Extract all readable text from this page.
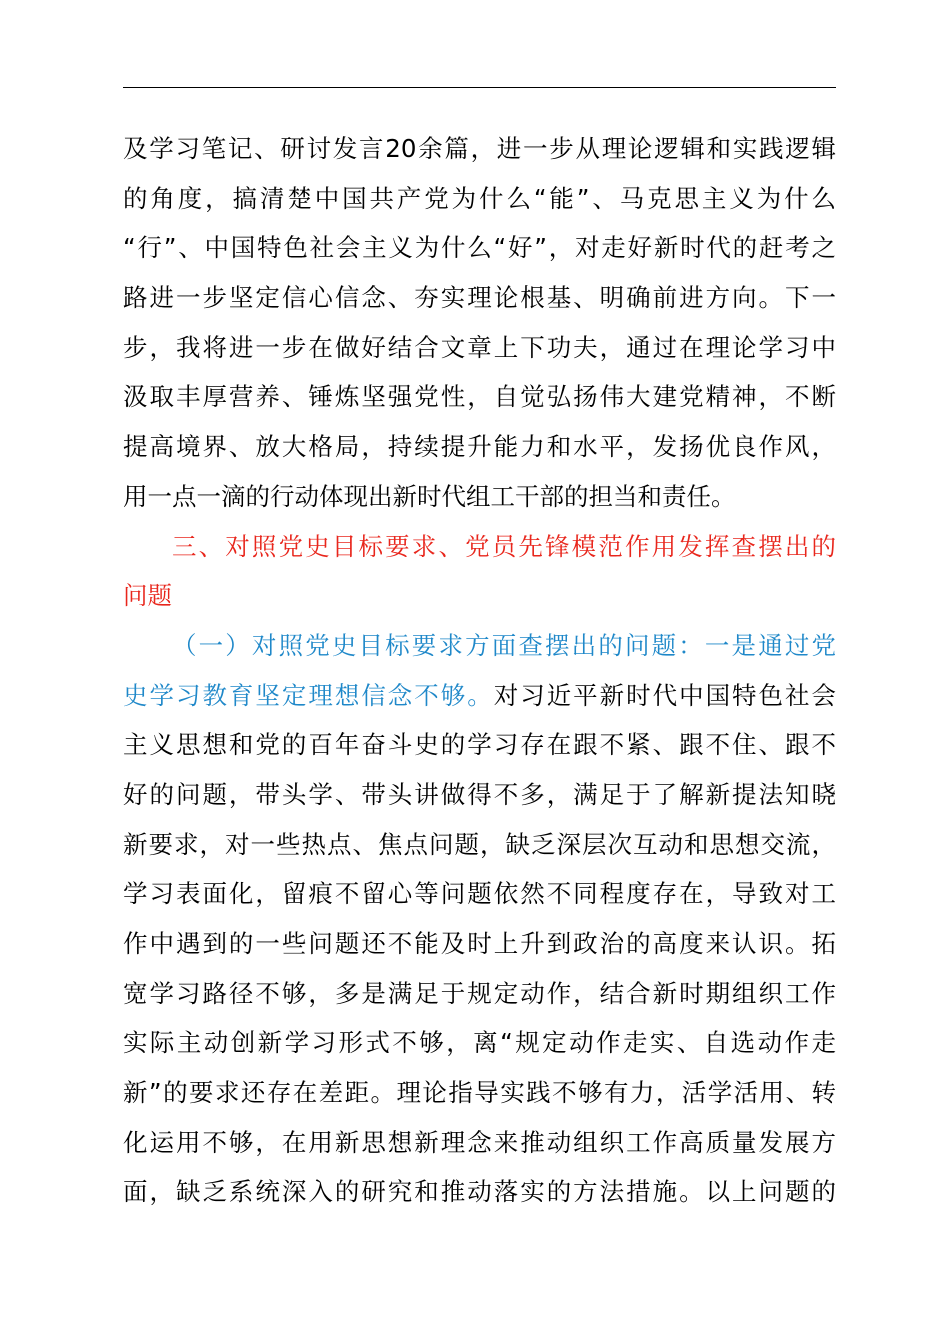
及学习笔记、研讨发言20余篇，进一步从理论逻辑和实践逻辑
的角度，搞清楚中国共产党为什么“能”、马克思主义为什么
“行”、中国特色社会主义为什么“好”，对走好新时代的赶考之
路进一步坚定信心信念、夯实理论根基、明确前进方向。下一
步，我将进一步在做好结合文章上下功夫，通过在理论学习中
汲取丰厚营养、锤炼坚强党性，自觉弘扬伟大建党精神，不断
提高境界、放大格局，持续提升能力和水平，发扬优良作风，
用一点一滴的行动体现出新时代组工干部的担当和责任。
三、对照党史目标要求、党员先锋模范作用发挥查摆出的
问题
（一）对照党史目标要求方面查摆出的问题：一是通过党
史学习教育坚定理想信念不够。对习近平新时代中国特色社会
主义思想和党的百年奋斗史的学习存在跟不紧、跟不住、跟不
好的问题，带头学、带头讲做得不多，满足于了解新提法知晓
新要求，对一些热点、焦点问题，缺乏深层次互动和思想交流，
学习表面化，留痕不留心等问题依然不同程度存在，导致对工
作中遇到的一些问题还不能及时上升到政治的高度来认识。拓
宽学习路径不够，多是满足于规定动作，结合新时期组织工作
实际主动创新学习形式不够，离“规定动作走实、自选动作走
新”的要求还存在差距。理论指导实践不够有力，活学活用、转
化运用不够，在用新思想新理念来推动组织工作高质量发展方
面，缺乏系统深入的研究和推动落实的方法措施。以上问题的
